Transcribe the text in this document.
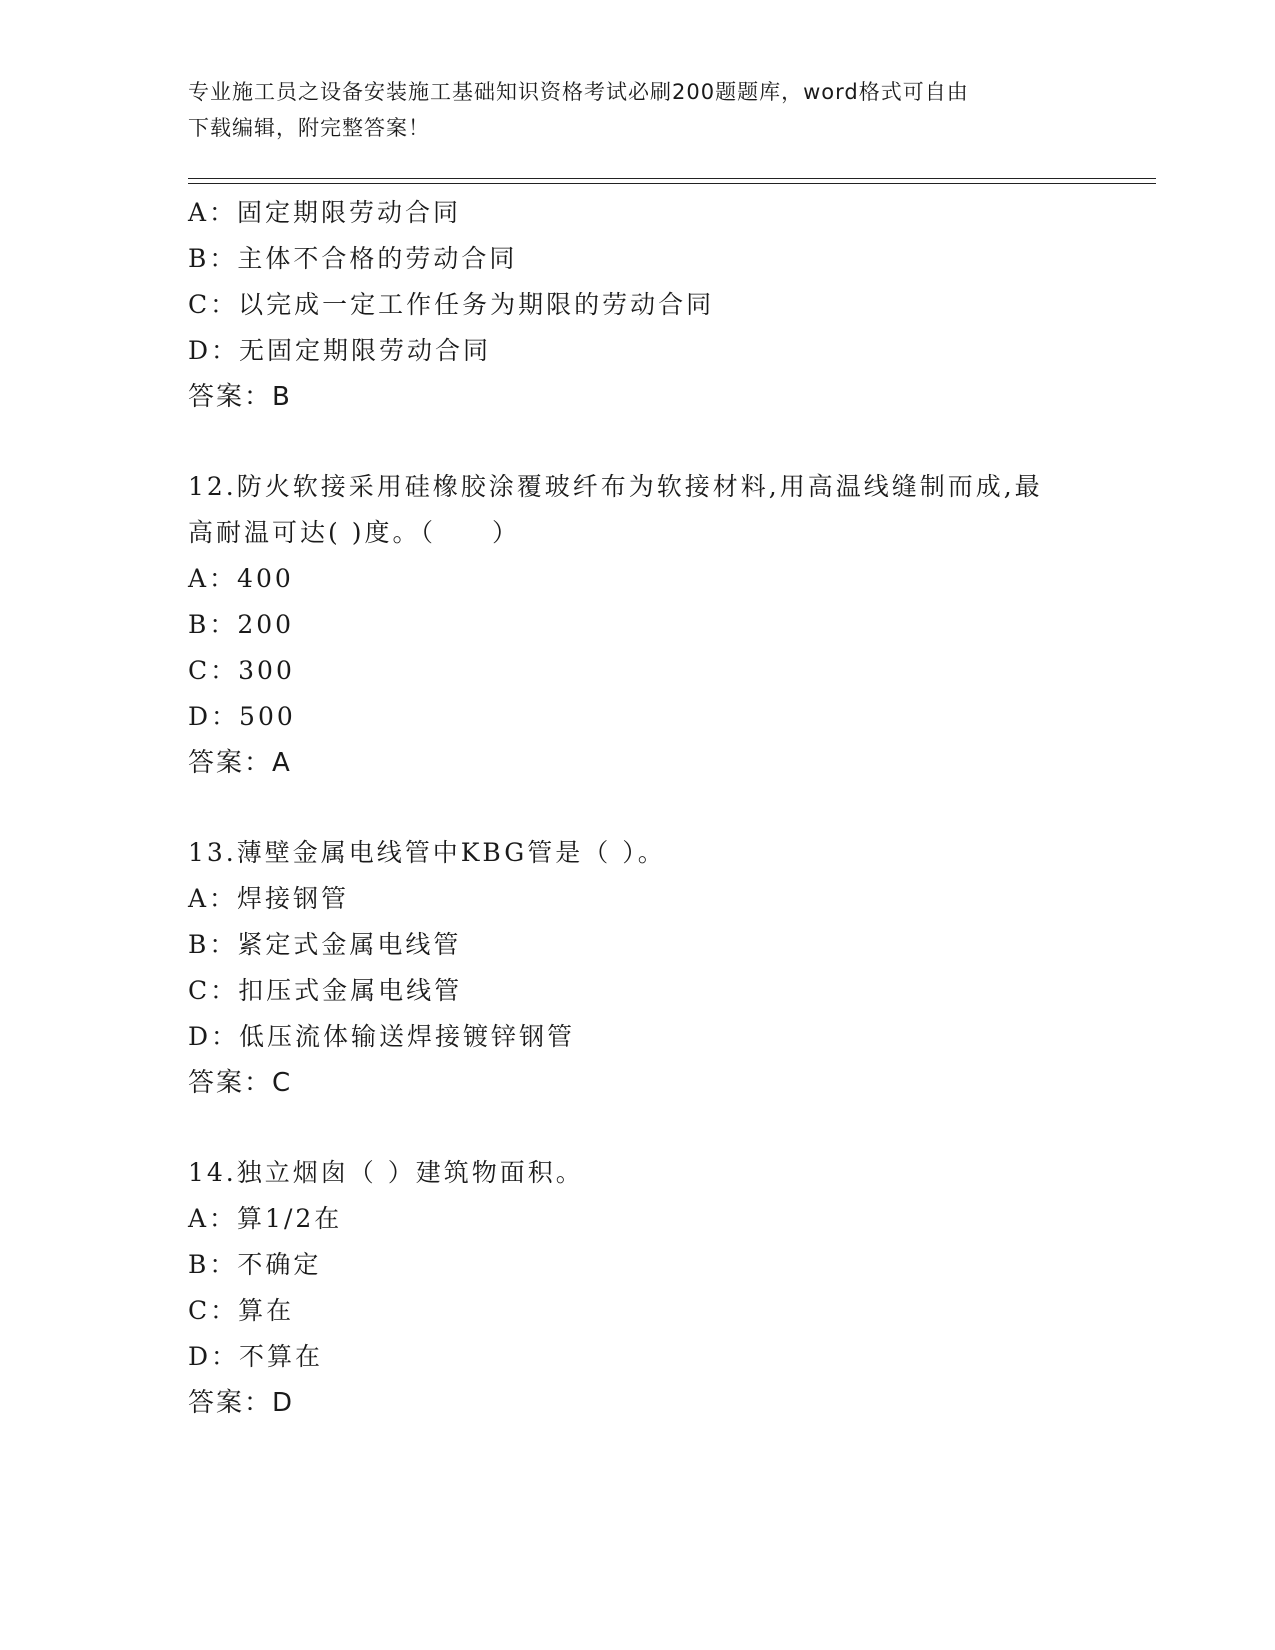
专业施工员之设备安装施工基础知识资格考试必刷200题题库，word格式可自由
下载编辑，附完整答案！
A：固定期限劳动合同
B：主体不合格的劳动合同
C：以完成一定工作任务为期限的劳动合同
D：无固定期限劳动合同
答案：B
12.防火软接采用硅橡胶涂覆玻纤布为软接材料,用高温线缝制而成,最
高耐温可达( )度。（　　）
A：400
B：200
C：300
D：500
答案：A
13.薄壁金属电线管中KBG管是（ ）。
A：焊接钢管
B：紧定式金属电线管
C：扣压式金属电线管
D：低压流体输送焊接镀锌钢管
答案：C
14.独立烟囱（ ）建筑物面积。
A：算1/2在
B：不确定
C：算在
D：不算在
答案：D
